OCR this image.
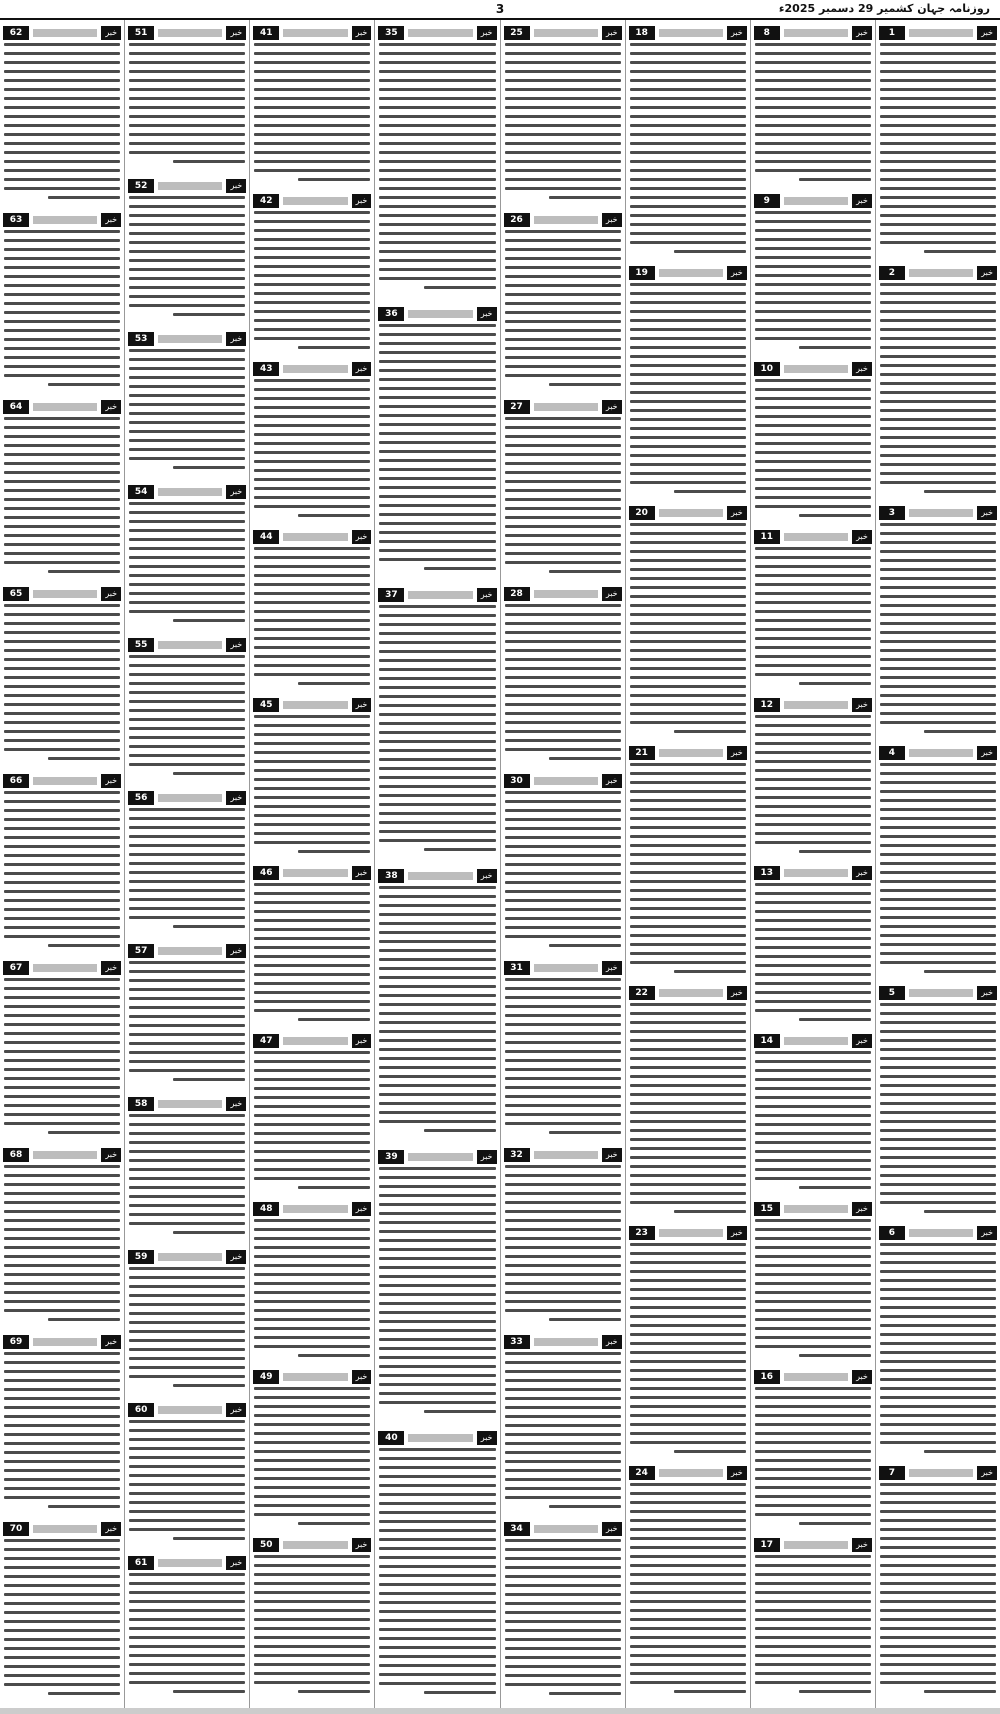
3	روزنامہ جہان کشمیر 29 دسمبر 2025ء
خبر
1
خبر
2
خبر
3
خبر
4
خبر
5
خبر
6
خبر
7
خبر
8
خبر
9
خبر
10
خبر
11
خبر
12
خبر
13
خبر
14
خبر
15
خبر
16
خبر
17
خبر
18
خبر
19
خبر
20
خبر
21
خبر
22
خبر
23
خبر
24
خبر
25
خبر
26
خبر
27
خبر
28
خبر
30
خبر
31
خبر
32
خبر
33
خبر
34
خبر
35
خبر
36
خبر
37
خبر
38
خبر
39
خبر
40
خبر
41
خبر
42
خبر
43
خبر
44
خبر
45
خبر
46
خبر
47
خبر
48
خبر
49
خبر
50
خبر
51
خبر
52
خبر
53
خبر
54
خبر
55
خبر
56
خبر
57
خبر
58
خبر
59
خبر
60
خبر
61
خبر
62
خبر
63
خبر
64
خبر
65
خبر
66
خبر
67
خبر
68
خبر
69
خبر
70
